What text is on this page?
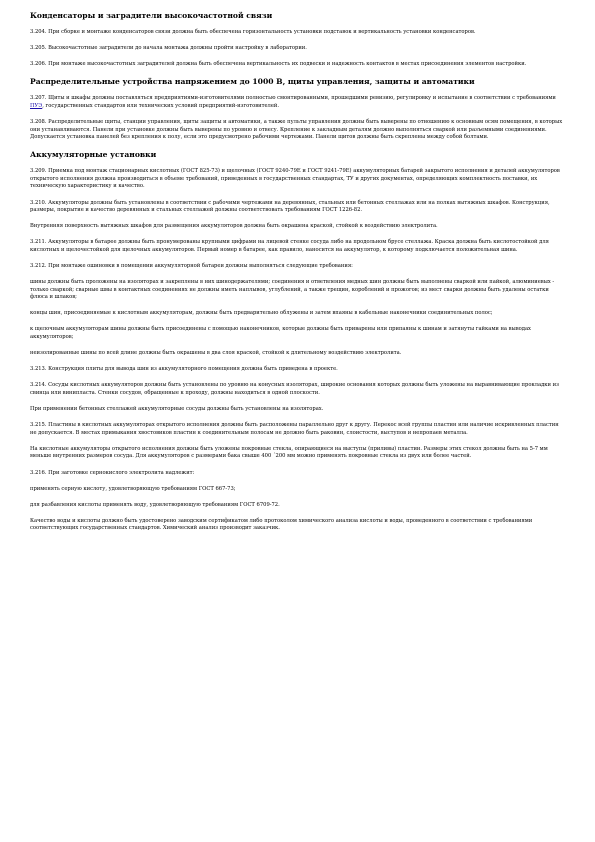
Конденсаторы и заградители высокочастотной связи

3.204. При сборке и монтаже конденсаторов связи должна быть обеспечена горизонтальность установки подставок и вертикальность установки конденсаторов.

3.205. Высокочастотные заградители до начала монтажа должны пройти настройку в лаборатории.

3.206. При монтаже высокочастотных заградителей должна быть обеспечена вертикальность их подвески и надежность контактов в местах присоединения элементов настройки.

Распределительные устройства напряжением до 1000 В, щиты управления, защиты и автоматики

3.207. Щиты и шкафы должны поставляться предприятиями-изготовителями полностью смонтированными, прошедшими ревизию, регулировку и испытание в соответствии с требованиями ПУЭ, государственных стандартов или технических условий предприятий-изготовителей.

3.208. Распределительные щиты, станции управления, щиты защиты и автоматики, а также пульты управления должны быть выверены по отношению к основным осям помещения, в которых они устанавливаются. Панели при установке должны быть выверены по уровню и отвесу. Крепление к закладным деталям должно выполняться сваркой или разъемными соединениями. Допускается установка панелей без крепления к полу, если это предусмотрено рабочими чертежами. Панели щитов должны быть скреплены между собой болтами.

Аккумуляторные установки

3.209. Приемка под монтаж стационарных кислотных (ГОСТ 825-73) и щелочных (ГОСТ 9240-79Е и ГОСТ 9241-79Е) аккумуляторных батарей закрытого исполнения и деталей аккумуляторов открытого исполнения должна производиться в объеме требований, приведенных в государственных стандартах, ТУ и других документах, определяющих комплектность поставки, их техническую характеристику и качество.

3.210. Аккумуляторы должны быть установлены в соответствии с рабочими чертежами на деревянных, стальных или бетонных стеллажах или на полках вытяжных шкафов. Конструкция, размеры, покрытие и качество деревянных и стальных стеллажей должны соответствовать требованиям ГОСТ 1226-82.

Внутренняя поверхность вытяжных шкафов для размещения аккумуляторов должна быть окрашена краской, стойкой к воздействию электролита.

3.211. Аккумуляторы в батарее должны быть пронумерованы крупными цифрами на лицевой стенке сосуда либо на продольном брусе стеллажа. Краска должна быть кислотостойкой для кислотных и щелочестойкой для щелочных аккумуляторов. Первый номер в батарее, как правило, наносится на аккумулятор, к которому подключается положительная шина.

3.212. При монтаже ошиновки в помещении аккумуляторной батареи должны выполняться следующие требования:

шины должны быть проложены на изоляторах и закреплены в них шинодержателями; соединения и ответвления медных шин должны быть выполнены сваркой или пайкой, алюминиевых - только сваркой; сварные швы в контактных соединениях не должны иметь наплывов, углублений, а также трещин, короблений и прожогов; из мест сварки должны быть удалены остатки флюса и шлаков;

концы шин, присоединяемые к кислотным аккумуляторам, должны быть предварительно облужены и затем впаяны в кабельные наконечники соединительных полос;

к щелочным аккумуляторам шины должны быть присоединены с помощью наконечников, которые должны быть приварены или припаяны к шинам и затянуты гайками на выводах аккумуляторов;

неизолированные шины по всей длине должны быть окрашены в два слоя краской, стойкой к длительному воздействию электролита.

3.213. Конструкция плиты для вывода шин из аккумуляторного помещения должна быть приведена в проекте.

3.214. Сосуды кислотных аккумуляторов должны быть установлены по уровню на конусных изоляторах, широкие основания которых должны быть уложены на выравнивающие прокладки из свинца или винипласта. Стенки сосудов, обращенные к проходу, должны находиться в одной плоскости.

При применении бетонных стеллажей аккумуляторные сосуды должны быть установлены на изоляторах.

3.215. Пластины в кислотных аккумуляторах открытого исполнения должны быть расположены параллельно друг к другу. Перекос всей группы пластин или наличие искривленных пластин не допускается. В местах примыкания хвостовиков пластин к соединительным полосам не должно быть раковин, слоистости, выступов и непропаев металла.

На кислотные аккумуляторы открытого исполнения должны быть уложены покровные стекла, опирающиеся на выступы (приливы) пластин. Размеры этих стекол должны быть на 5-7 мм меньше внутренних размеров сосуда. Для аккумуляторов с размерами бака свыше 400 ´200 мм можно применять покровные стекла из двух или более частей.

3.216. При заготовке сернокислого электролита надлежит:

применять серную кислоту, удовлетворяющую требованиям ГОСТ 667-73;

для разбавления кислоты применять воду, удовлетворяющую требованиям ГОСТ 6709-72.

Качество воды и кислоты должно быть удостоверено заводским сертификатом либо протоколом химического анализа кислоты и воды, проведенного в соответствии с требованиями соответствующих государственных стандартов. Химический анализ производит заказчик.
